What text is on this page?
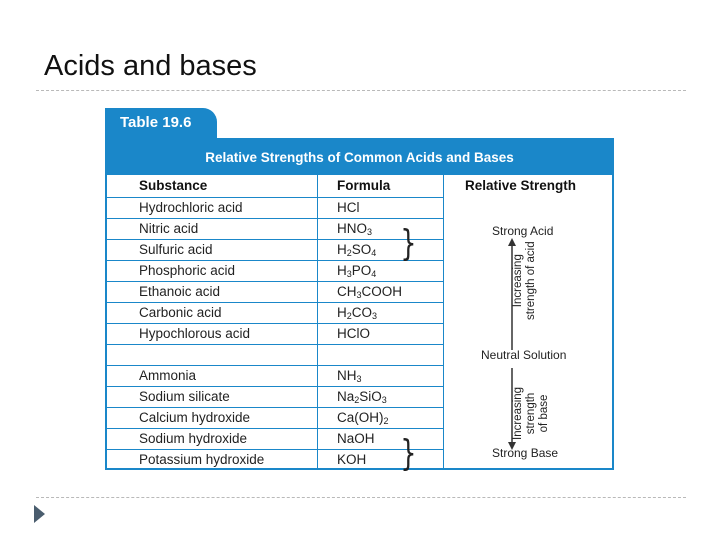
Acids and bases
Table 19.6
Relative Strengths of Common Acids and Bases
Substance	Formula	Relative Strength
Hydrochloric acid	HCl
Nitric acid	$HNO_3$
Sulfuric acid	$H_2SO_4$
Phosphoric acid	$H_3PO_4$
Ethanoic acid	$CH_3COOH$
Carbonic acid	$H_2CO_3$
Hypochlorous acid	HClO
Ammonia	$NH_3$
Sodium silicate	$Na_2SiO_3$
Calcium hydroxide	$Ca(OH)_2$
Sodium hydroxide	NaOH
Potassium hydroxide	KOH
}
}
Strong Acid
Increasing
strength of acid
Neutral Solution
Increasing
strength
of base
Strong Base
